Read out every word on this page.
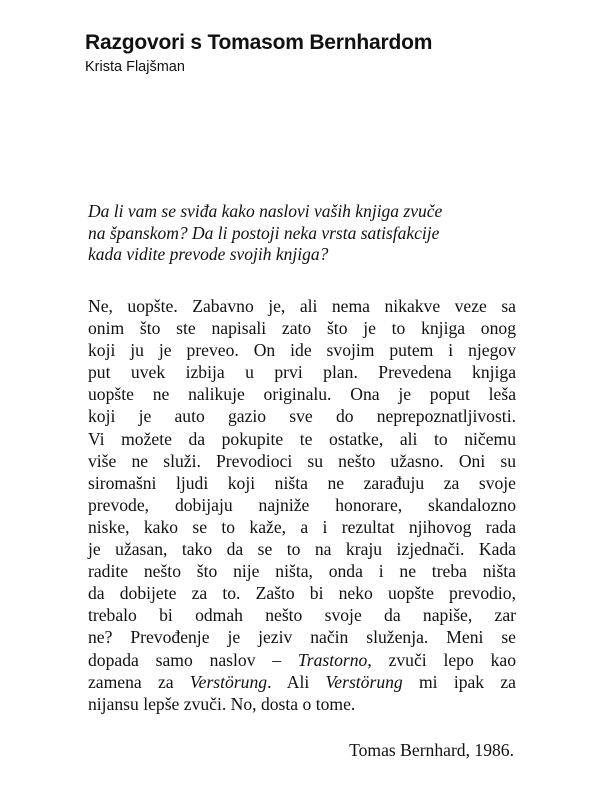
Razgovori s Tomasom Bernhardom

Krista Flajšman

Da li vam se sviđa kako naslovi vaših knjiga zvuče
na španskom? Da li postoji neka vrsta satisfakcije
kada vidite prevode svojih knjiga?

Ne, uopšte. Zabavno je, ali nema nikakve veze sa
onim što ste napisali zato što je to knjiga onog
koji ju je preveo. On ide svojim putem i njegov
put uvek izbija u prvi plan. Prevedena knjiga
uopšte ne nalikuje originalu. Ona je poput leša
koji je auto gazio sve do neprepoznatljivosti.
Vi možete da pokupite te ostatke, ali to ničemu
više ne služi. Prevodioci su nešto užasno. Oni su
siromašni ljudi koji ništa ne zarađuju za svoje
prevode, dobijaju najniže honorare, skandalozno
niske, kako se to kaže, a i rezultat njihovog rada
je užasan, tako da se to na kraju izjednači. Kada
radite nešto što nije ništa, onda i ne treba ništa
da dobijete za to. Zašto bi neko uopšte prevodio,
trebalo bi odmah nešto svoje da napiše, zar
ne? Prevođenje je jeziv način služenja. Meni se
dopada samo naslov – Trastorno, zvuči lepo kao
zamena za Verstörung. Ali Verstörung mi ipak za
nijansu lepše zvuči. No, dosta o tome.

Tomas Bernhard, 1986.
